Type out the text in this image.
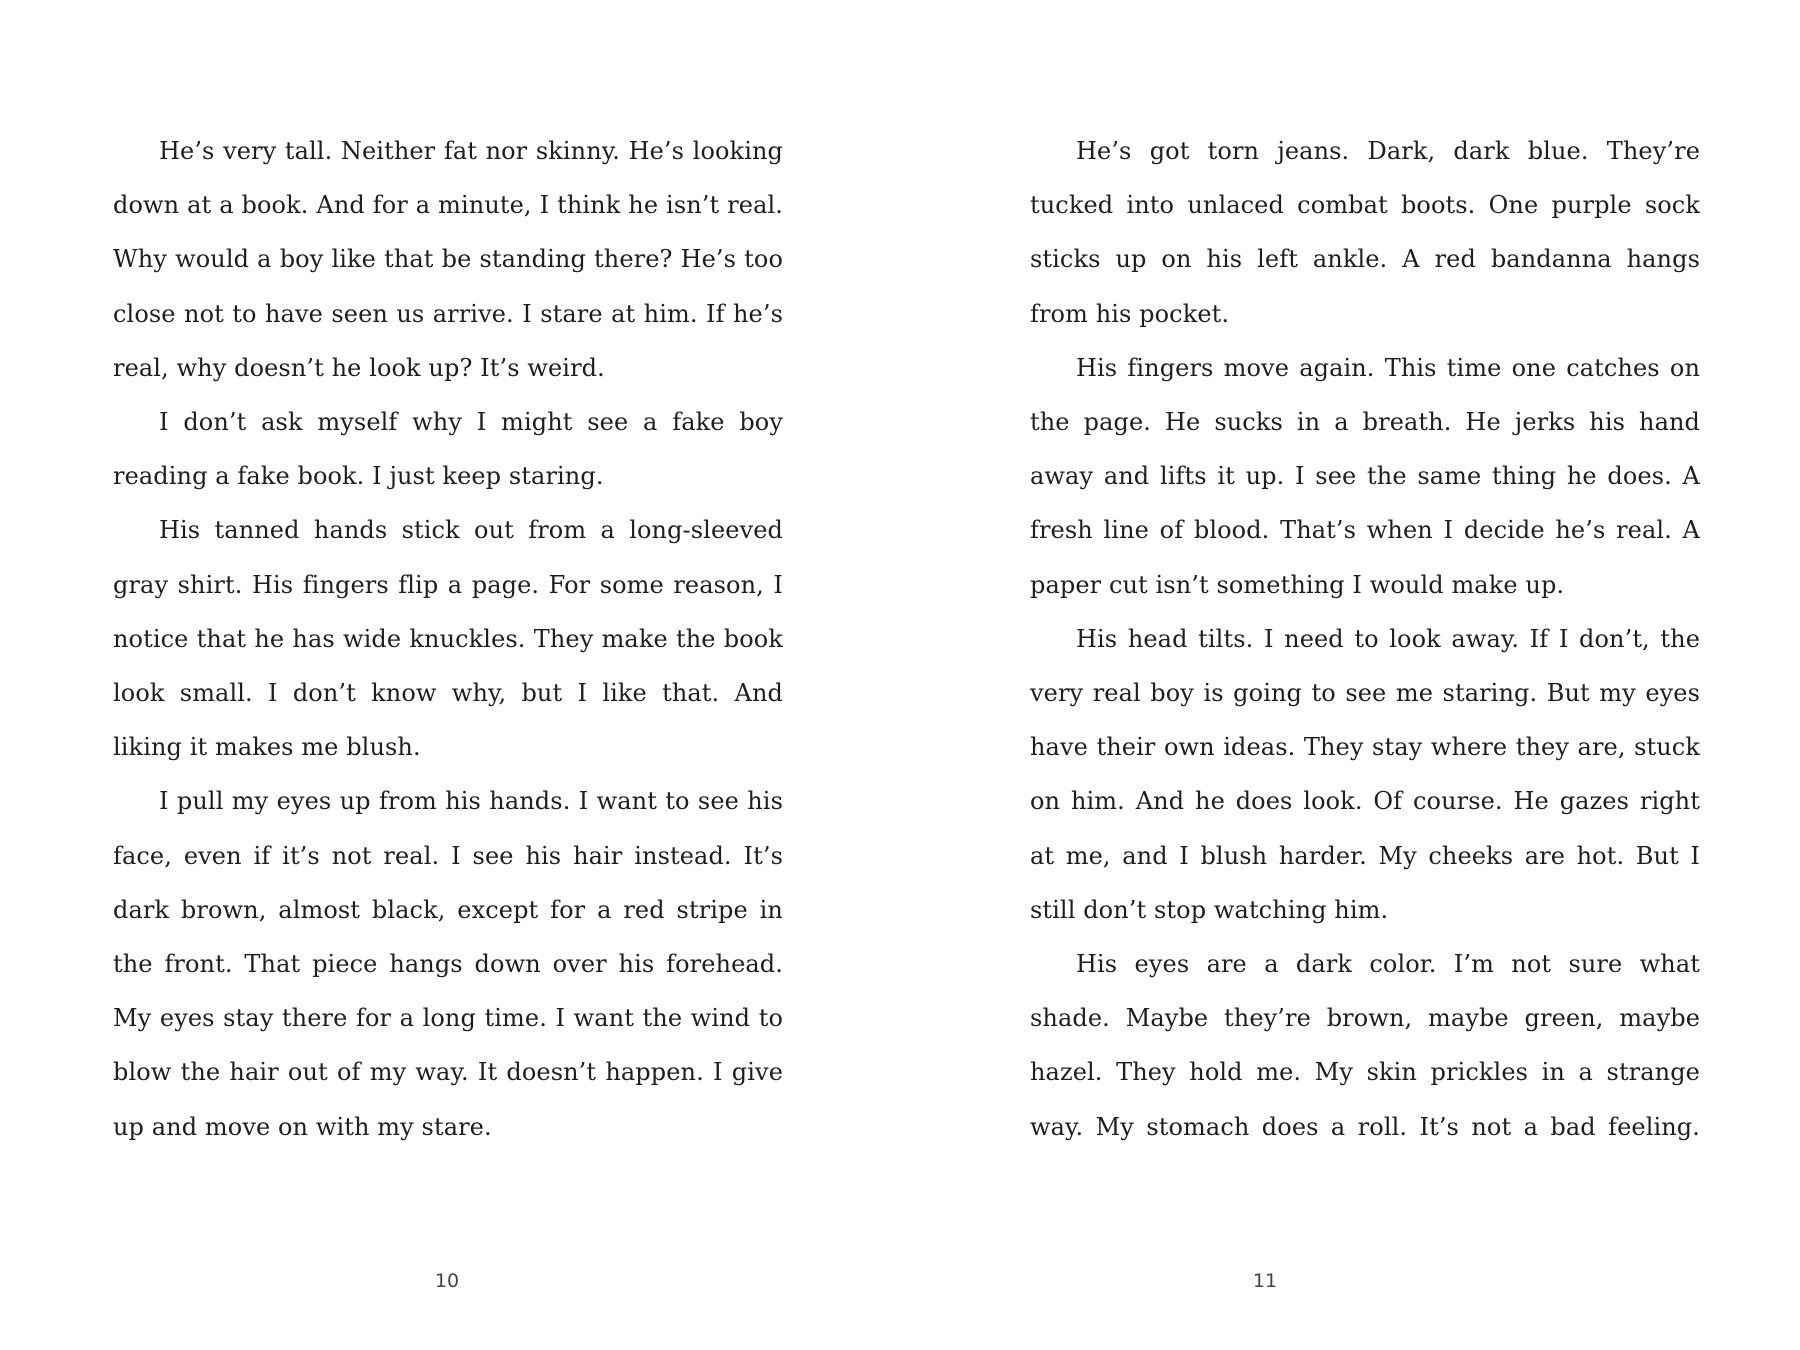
He’s very tall. Neither fat nor skinny. He’s looking down at a book. And for a minute, I think he isn’t real. Why would a boy like that be standing there? He’s too close not to have seen us arrive. I stare at him. If he’s real, why doesn’t he look up? It’s weird.

I don’t ask myself why I might see a fake boy reading a fake book. I just keep staring.

His tanned hands stick out from a long-sleeved gray shirt. His fingers flip a page. For some reason, I notice that he has wide knuckles. They make the book look small. I don’t know why, but I like that. And liking it makes me blush.

I pull my eyes up from his hands. I want to see his face, even if it’s not real. I see his hair instead. It’s dark brown, almost black, except for a red stripe in the front. That piece hangs down over his forehead. My eyes stay there for a long time. I want the wind to blow the hair out of my way. It doesn’t happen. I give up and move on with my stare.

10

He’s got torn jeans. Dark, dark blue. They’re tucked into unlaced combat boots. One purple sock sticks up on his left ankle. A red bandanna hangs from his pocket.

His fingers move again. This time one catches on the page. He sucks in a breath. He jerks his hand away and lifts it up. I see the same thing he does. A fresh line of blood. That’s when I decide he’s real. A paper cut isn’t something I would make up.

His head tilts. I need to look away. If I don’t, the very real boy is going to see me staring. But my eyes have their own ideas. They stay where they are, stuck on him. And he does look. Of course. He gazes right at me, and I blush harder. My cheeks are hot. But I still don’t stop watching him.

His eyes are a dark color. I’m not sure what shade. Maybe they’re brown, maybe green, maybe hazel. They hold me. My skin prickles in a strange way. My stomach does a roll. It’s not a bad feeling.

11
